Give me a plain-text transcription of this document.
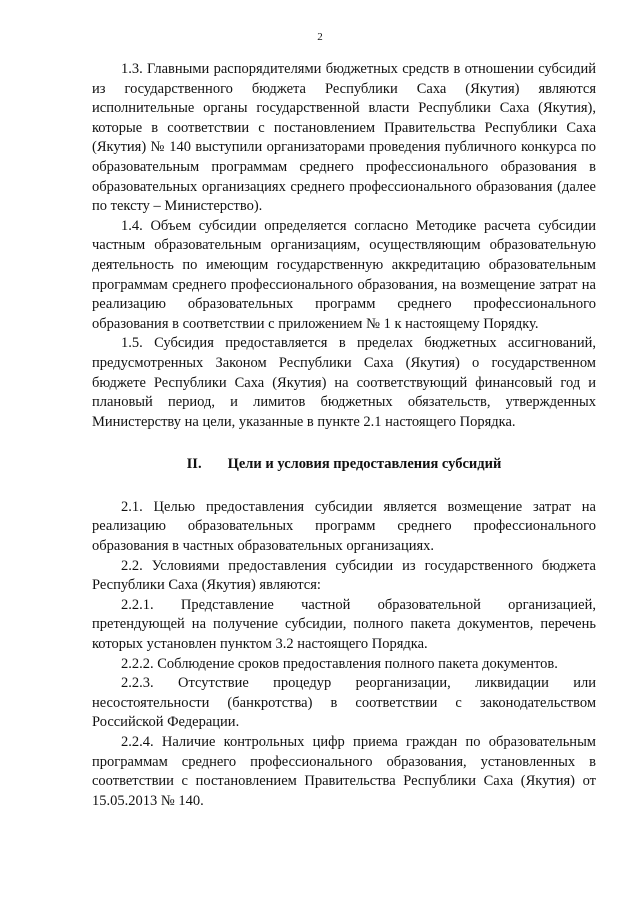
2

1.3. Главными распорядителями бюджетных средств в отношении субсидий из государственного бюджета Республики Саха (Якутия) являются исполнительные органы государственной власти Республики Саха (Якутия), которые в соответствии с постановлением Правительства Республики Саха (Якутия) № 140 выступили организаторами проведения публичного конкурса по образовательным программам среднего профессионального образования в образовательных организациях среднего профессионального образования (далее по тексту – Министерство).

1.4. Объем субсидии определяется согласно Методике расчета субсидии частным образовательным организациям, осуществляющим образовательную деятельность по имеющим государственную аккредитацию образовательным программам среднего профессионального образования, на возмещение затрат на реализацию образовательных программ среднего профессионального образования в соответствии с приложением № 1 к настоящему Порядку.

1.5. Субсидия предоставляется в пределах бюджетных ассигнований, предусмотренных Законом Республики Саха (Якутия) о государственном бюджете Республики Саха (Якутия) на соответствующий финансовый год и плановый период, и лимитов бюджетных обязательств, утвержденных Министерству на цели, указанные в пункте 2.1 настоящего Порядка.

II. Цели и условия предоставления субсидий

2.1. Целью предоставления субсидии является возмещение затрат на реализацию образовательных программ среднего профессионального образования в частных образовательных организациях.

2.2. Условиями предоставления субсидии из государственного бюджета Республики Саха (Якутия) являются:

2.2.1. Представление частной образовательной организацией, претендующей на получение субсидии, полного пакета документов, перечень которых установлен пунктом 3.2 настоящего Порядка.

2.2.2. Соблюдение сроков предоставления полного пакета документов.

2.2.3. Отсутствие процедур реорганизации, ликвидации или несостоятельности (банкротства) в соответствии с законодательством Российской Федерации.

2.2.4. Наличие контрольных цифр приема граждан по образовательным программам среднего профессионального образования, установленных в соответствии с постановлением Правительства Республики Саха (Якутия) от 15.05.2013 № 140.
